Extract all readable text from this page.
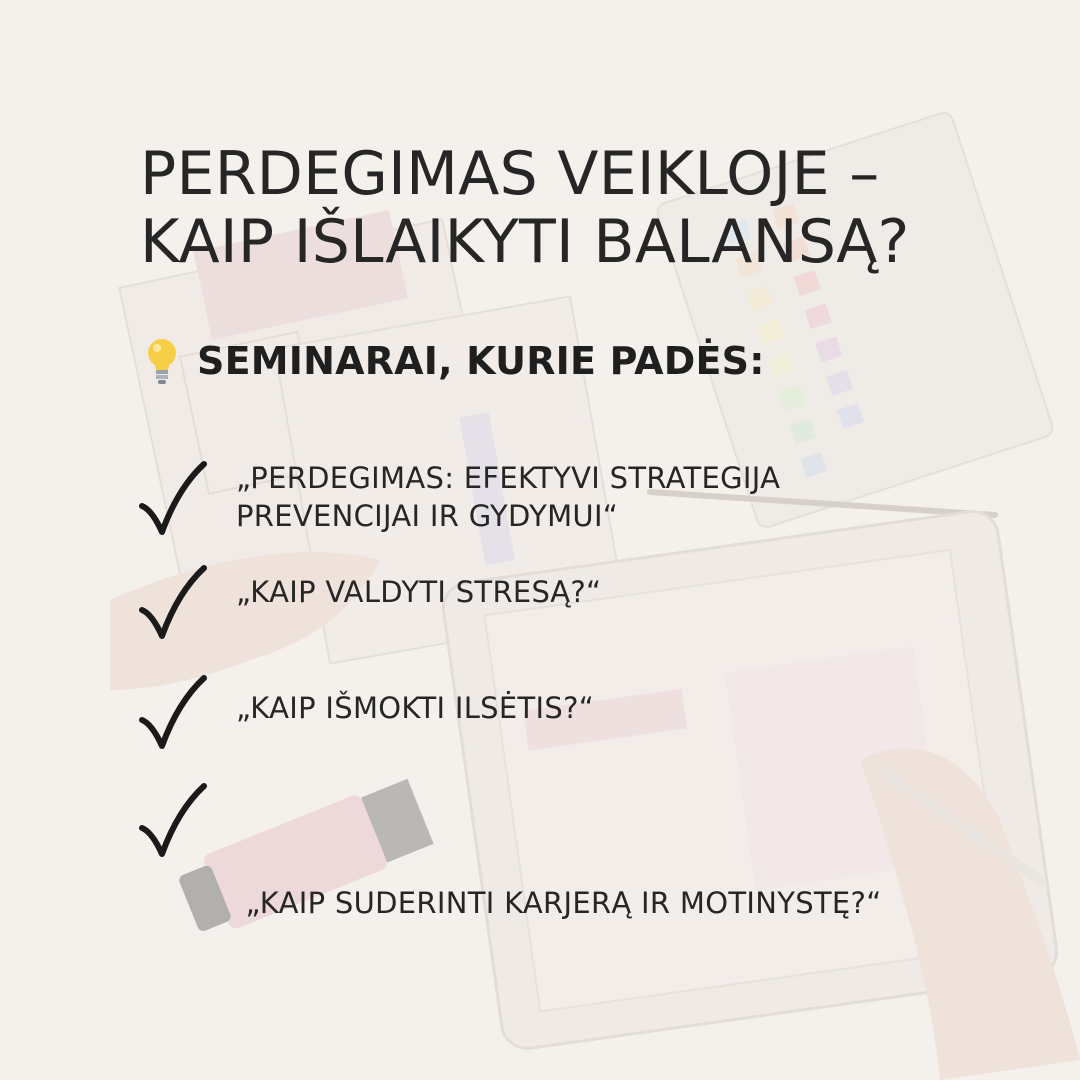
PERDEGIMAS VEIKLOJE –
KAIP IŠLAIKYTI BALANSĄ?
SEMINARAI, KURIE PADĖS:
„PERDEGIMAS: EFEKTYVI STRATEGIJA
PREVENCIJAI IR GYDYMUI“
„KAIP VALDYTI STRESĄ?“
„KAIP IŠMOKTI ILSĖTIS?“

„KAIP SUDERINTI KARJERĄ IR MOTINYSTĘ?“
